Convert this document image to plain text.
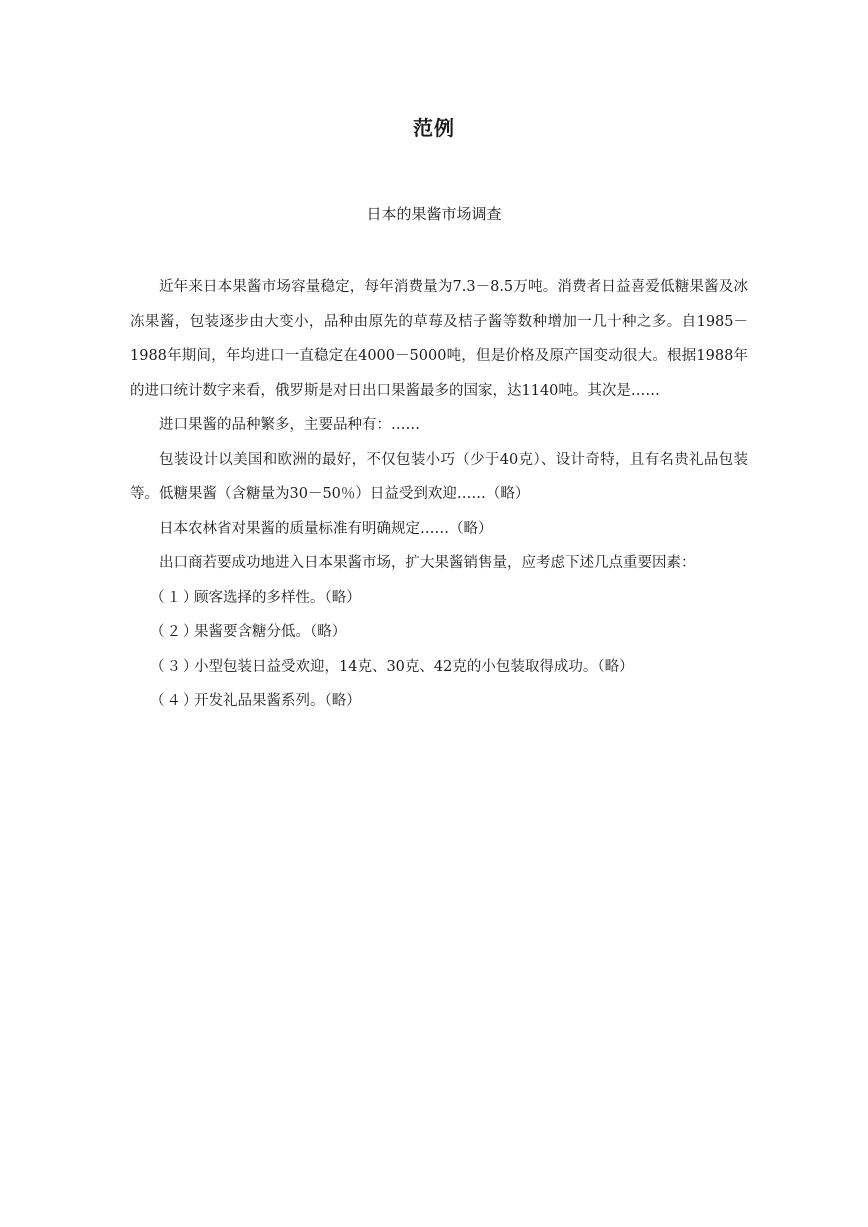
范例
日本的果酱市场调查

近年来日本果酱市场容量稳定，每年消费量为7.3－8.5万吨。消费者日益喜爱低糖果酱及冰冻果酱，包装逐步由大变小，品种由原先的草莓及桔子酱等数种增加一几十种之多。自1985－1988年期间，年均进口一直稳定在4000－5000吨，但是价格及原产国变动很大。根据1988年的进口统计数字来看，俄罗斯是对日出口果酱最多的国家，达1140吨。其次是……

进口果酱的品种繁多，主要品种有：……

包装设计以美国和欧洲的最好，不仅包装小巧（少于40克）、设计奇特，且有名贵礼品包装等。低糖果酱（含糖量为30－50％）日益受到欢迎……（略）

日本农林省对果酱的质量标准有明确规定……（略）

出口商若要成功地进入日本果酱市场，扩大果酱销售量，应考虑下述几点重要因素：

（１）顾客选择的多样性。（略）
（２）果酱要含糖分低。（略）
（３）小型包装日益受欢迎，14克、30克、42克的小包装取得成功。（略）
（４）开发礼品果酱系列。（略）
